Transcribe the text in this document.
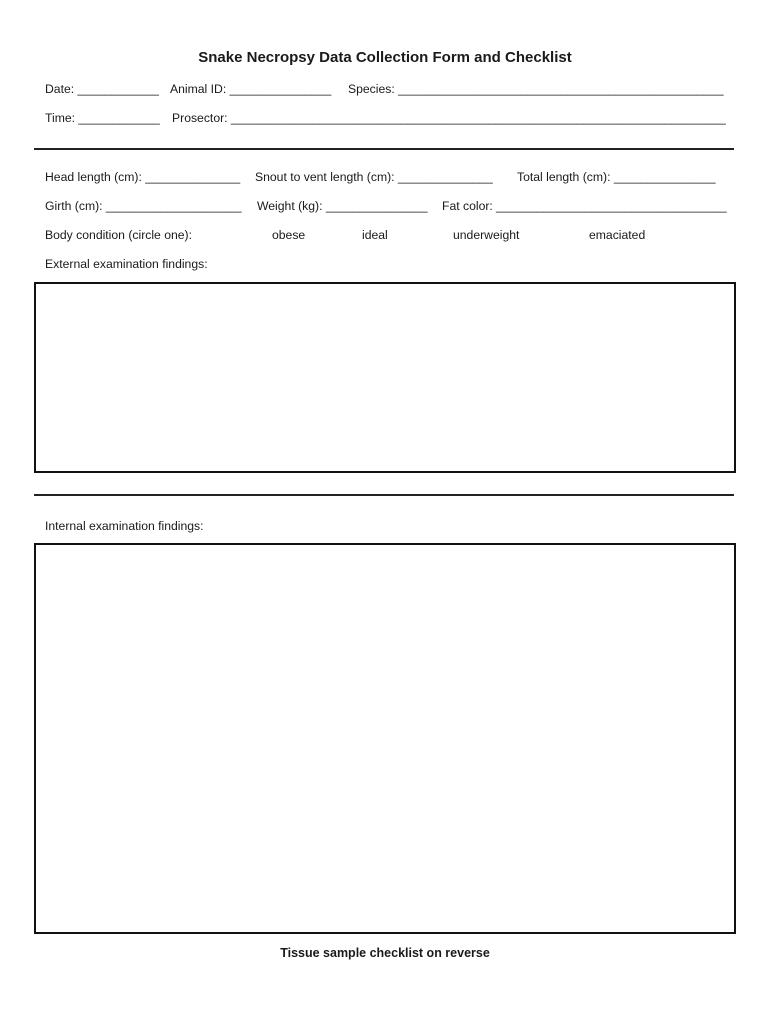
Snake Necropsy Data Collection Form and Checklist
Date: ____________ Animal ID: _______________ Species: ________________________________________________
Time: ____________ Prosector: _________________________________________________________________________
Head length (cm): ______________ Snout to vent length (cm): ______________ Total length (cm): _______________
Girth (cm): ____________________ Weight (kg): _______________ Fat color: __________________________________
Body condition (circle one):	obese	ideal	underweight	emaciated
External examination findings:
Internal examination findings:
Tissue sample checklist on reverse
